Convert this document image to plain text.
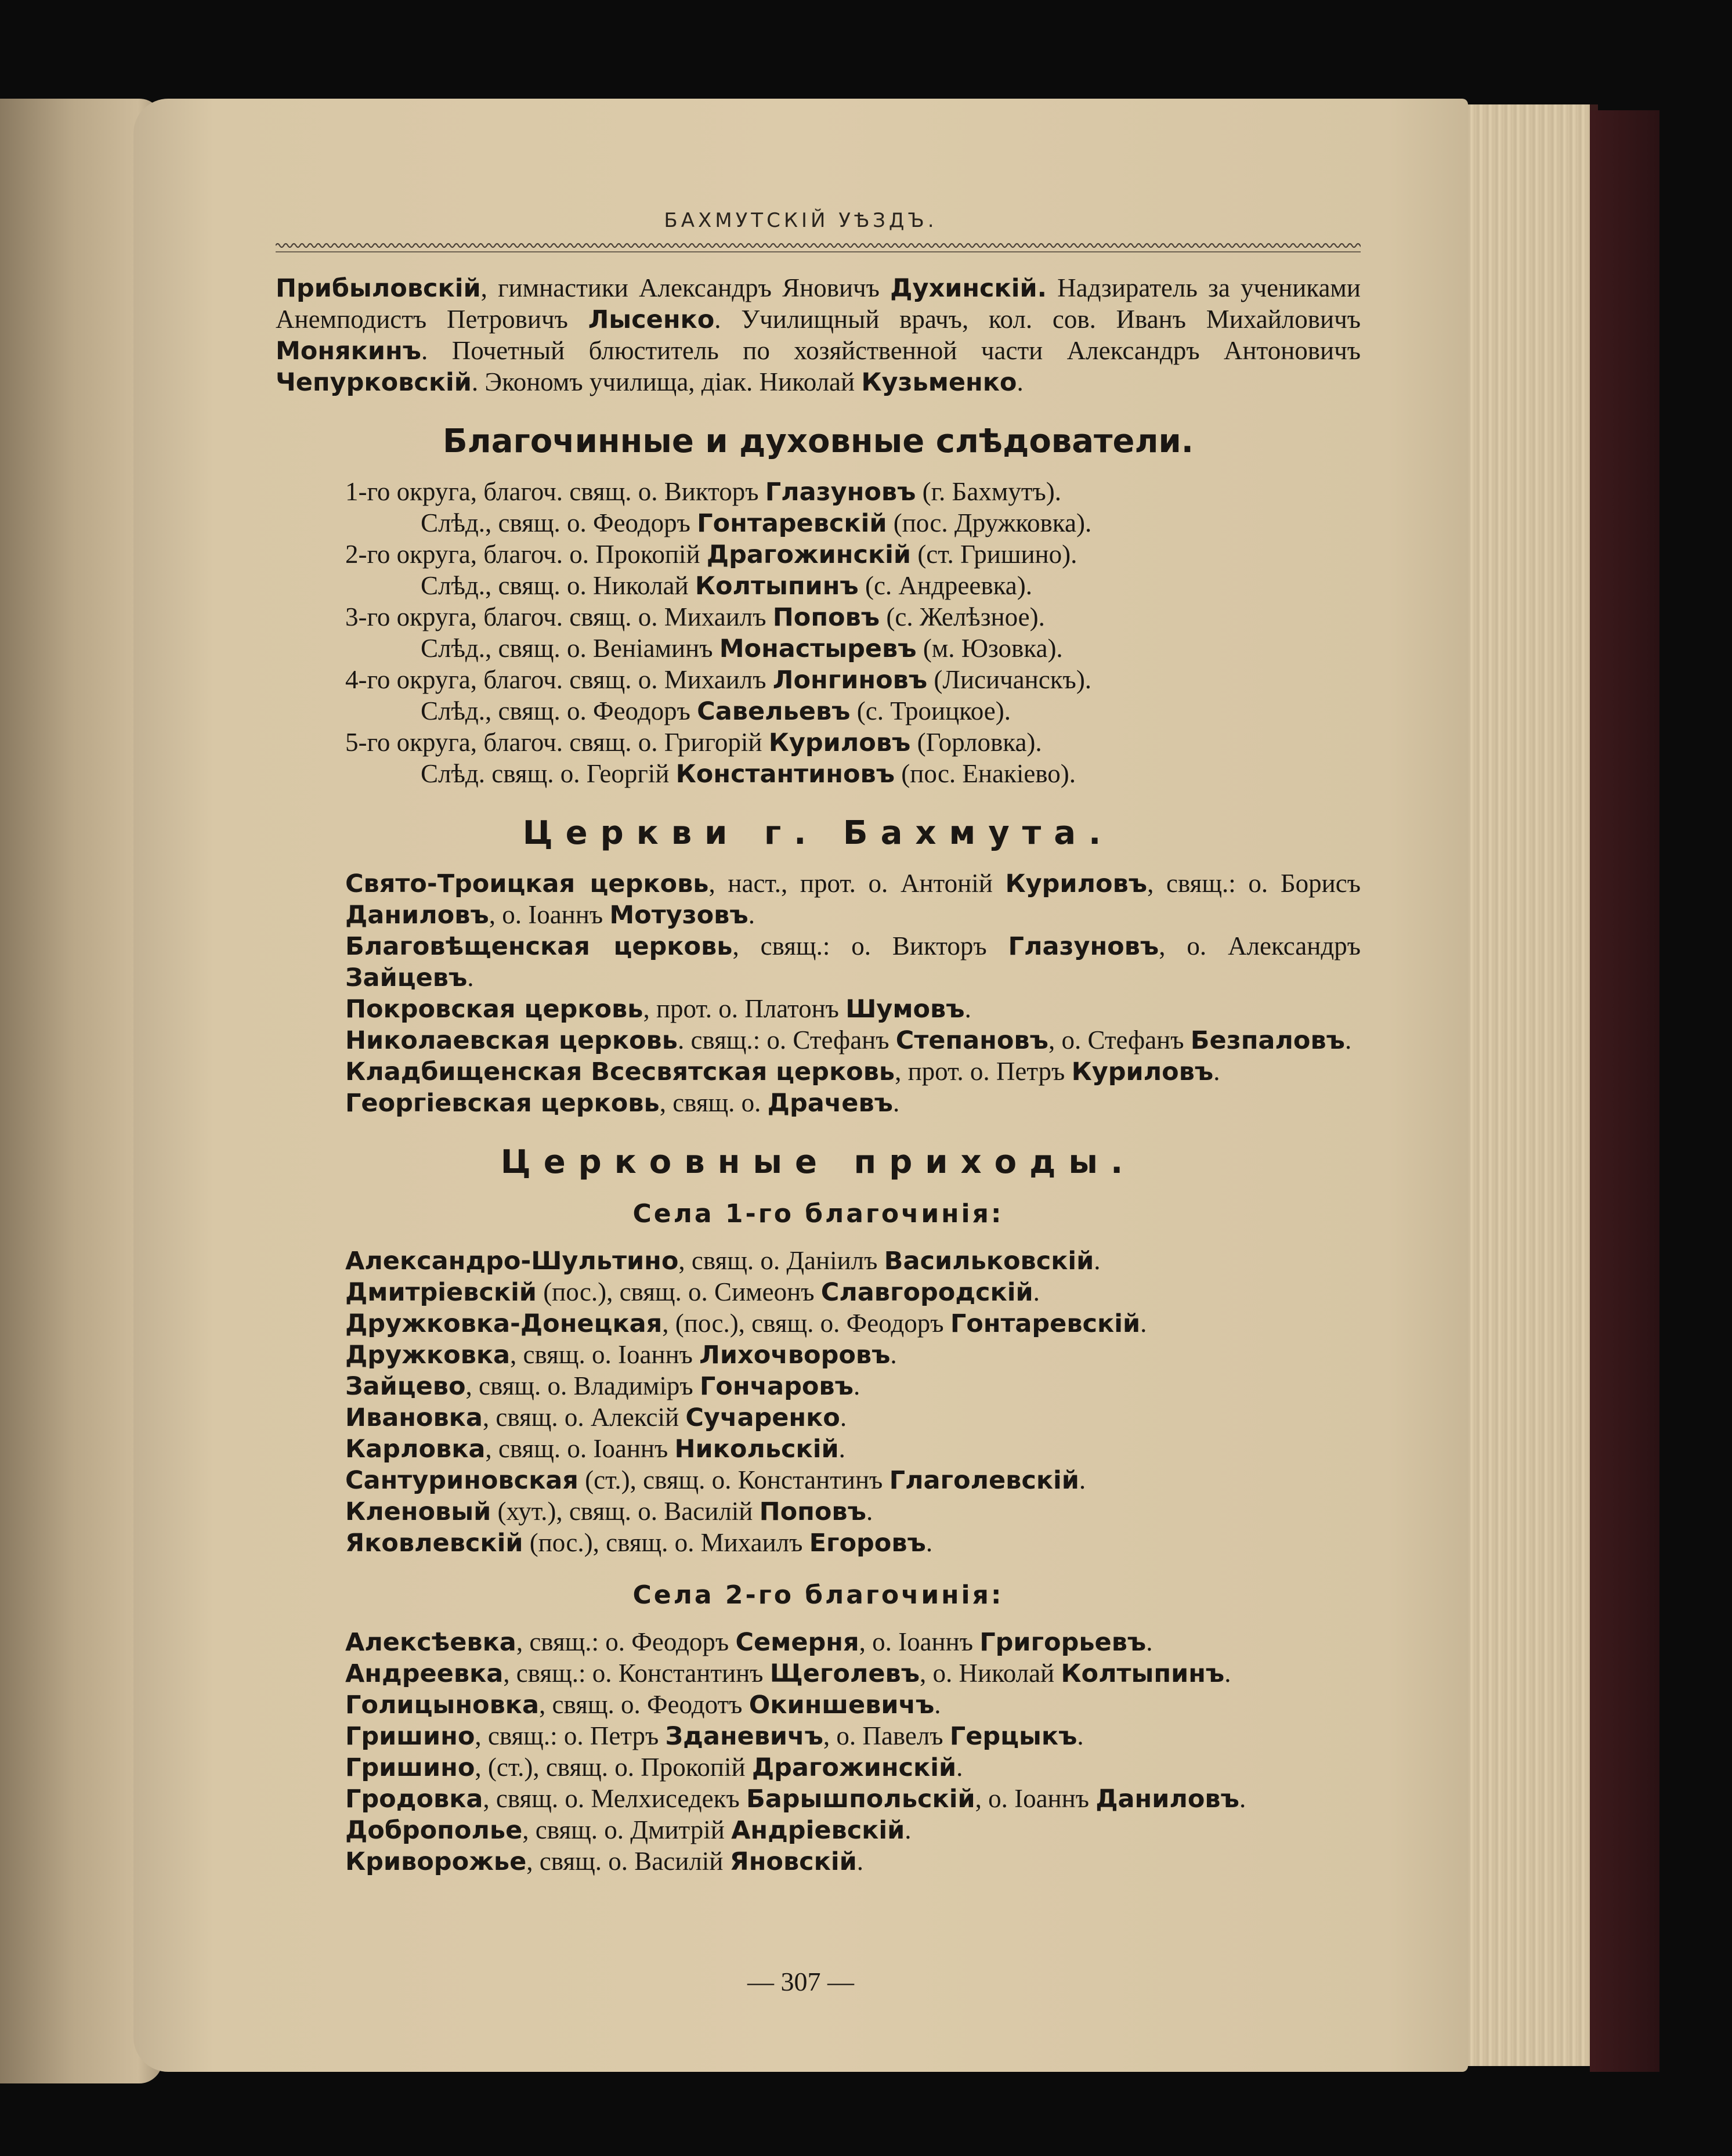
БАХМУТСКІЙ УѢЗДЪ.

Прибыловскій, гимнастики Александръ Яновичъ Духинскій. Надзиратель за учениками Анемподистъ Петровичъ Лысенко. Училищный врачъ, кол. сов. Иванъ Михайловичъ Монякинъ. Почетный блюститель по хозяйственной части Александръ Антоновичъ Чепурковскій. Экономъ училища, діак. Николай Кузьменко.

Благочинные и духовные слѣдователи.

1-го округа, благоч. свящ. о. Викторъ Глазуновъ (г. Бахмутъ).

Слѣд., свящ. о. Феодоръ Гонтаревскій (пос. Дружковка).

2-го округа, благоч. о. Прокопій Драгожинскій (ст. Гришино).

Слѣд., свящ. о. Николай Колтыпинъ (с. Андреевка).

3-го округа, благоч. свящ. о. Михаилъ Поповъ (с. Желѣзное).

Слѣд., свящ. о. Веніаминъ Монастыревъ (м. Юзовка).

4-го округа, благоч. свящ. о. Михаилъ Лонгиновъ (Лисичанскъ).

Слѣд., свящ. о. Феодоръ Савельевъ (с. Троицкое).

5-го округа, благоч. свящ. о. Григорій Куриловъ (Горловка).

Слѣд. свящ. о. Георгій Константиновъ (пос. Енакіево).

Церкви г. Бахмута.

Свято-Троицкая церковь, наст., прот. о. Антоній Куриловъ, свящ.: о. Борисъ Даниловъ, о. Іоаннъ Мотузовъ.

Благовѣщенская церковь, свящ.: о. Викторъ Глазуновъ, о. Александръ Зайцевъ.

Покровская церковь, прот. о. Платонъ Шумовъ.

Николаевская церковь. свящ.: о. Стефанъ Степановъ, о. Стефанъ Безпаловъ.

Кладбищенская Всесвятская церковь, прот. о. Петръ Куриловъ.

Георгіевская церковь, свящ. о. Драчевъ.

Церковные приходы.
Села 1-го благочинія:

Александро-Шультино, свящ. о. Даніилъ Васильковскій.

Дмитріевскій (пос.), свящ. о. Симеонъ Славгородскій.

Дружковка-Донецкая, (пос.), свящ. о. Феодоръ Гонтаревскій.

Дружковка, свящ. о. Іоаннъ Лихочворовъ.

Зайцево, свящ. о. Владиміръ Гончаровъ.

Ивановка, свящ. о. Алексій Сучаренко.

Карловка, свящ. о. Іоаннъ Никольскій.

Сантуриновская (ст.), свящ. о. Константинъ Глаголевскій.

Кленовый (хут.), свящ. о. Василій Поповъ.

Яковлевскій (пос.), свящ. о. Михаилъ Егоровъ.

Села 2-го благочинія:

Алексѣевка, свящ.: о. Феодоръ Семерня, о. Іоаннъ Григорьевъ.

Андреевка, свящ.: о. Константинъ Щеголевъ, о. Николай Колтыпинъ.

Голицыновка, свящ. о. Феодотъ Окиншевичъ.

Гришино, свящ.: о. Петръ Зданевичъ, о. Павелъ Герцыкъ.

Гришино, (ст.), свящ. о. Прокопій Драгожинскій.

Гродовка, свящ. о. Мелхиседекъ Барышпольскій, о. Іоаннъ Даниловъ.

Доброполье, свящ. о. Дмитрій Андріевскій.

Криворожье, свящ. о. Василій Яновскій.

— 307 —
